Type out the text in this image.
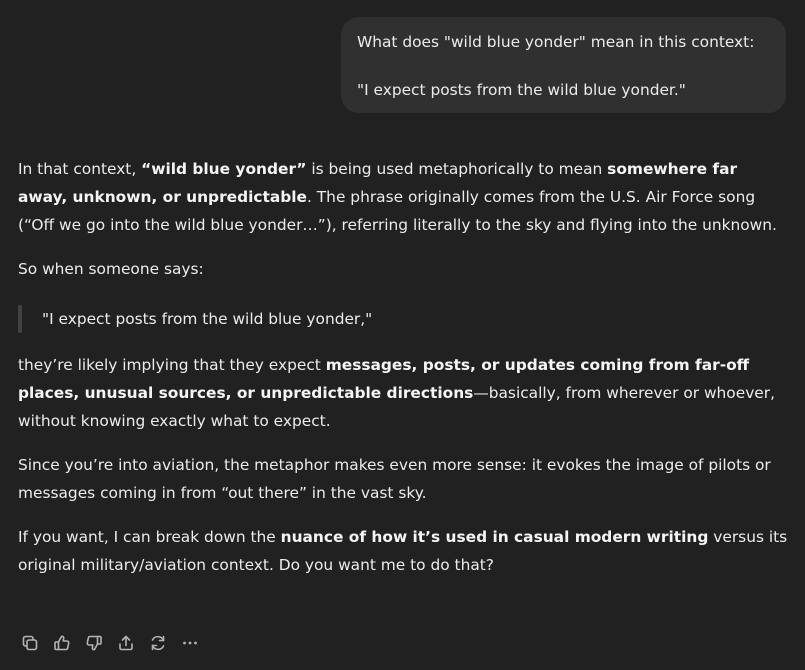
What does "wild blue yonder" mean in this context:

"I expect posts from the wild blue yonder."

In that context, “wild blue yonder” is being used metaphorically to mean somewhere far away, unknown, or unpredictable. The phrase originally comes from the U.S. Air Force song (“Off we go into the wild blue yonder…”), referring literally to the sky and flying into the unknown.

So when someone says:

"I expect posts from the wild blue yonder,"

they’re likely implying that they expect messages, posts, or updates coming from far-off places, unusual sources, or unpredictable directions—basically, from wherever or whoever, without knowing exactly what to expect.

Since you’re into aviation, the metaphor makes even more sense: it evokes the image of pilots or messages coming in from “out there” in the vast sky.

If you want, I can break down the nuance of how it’s used in casual modern writing versus its original military/aviation context. Do you want me to do that?
